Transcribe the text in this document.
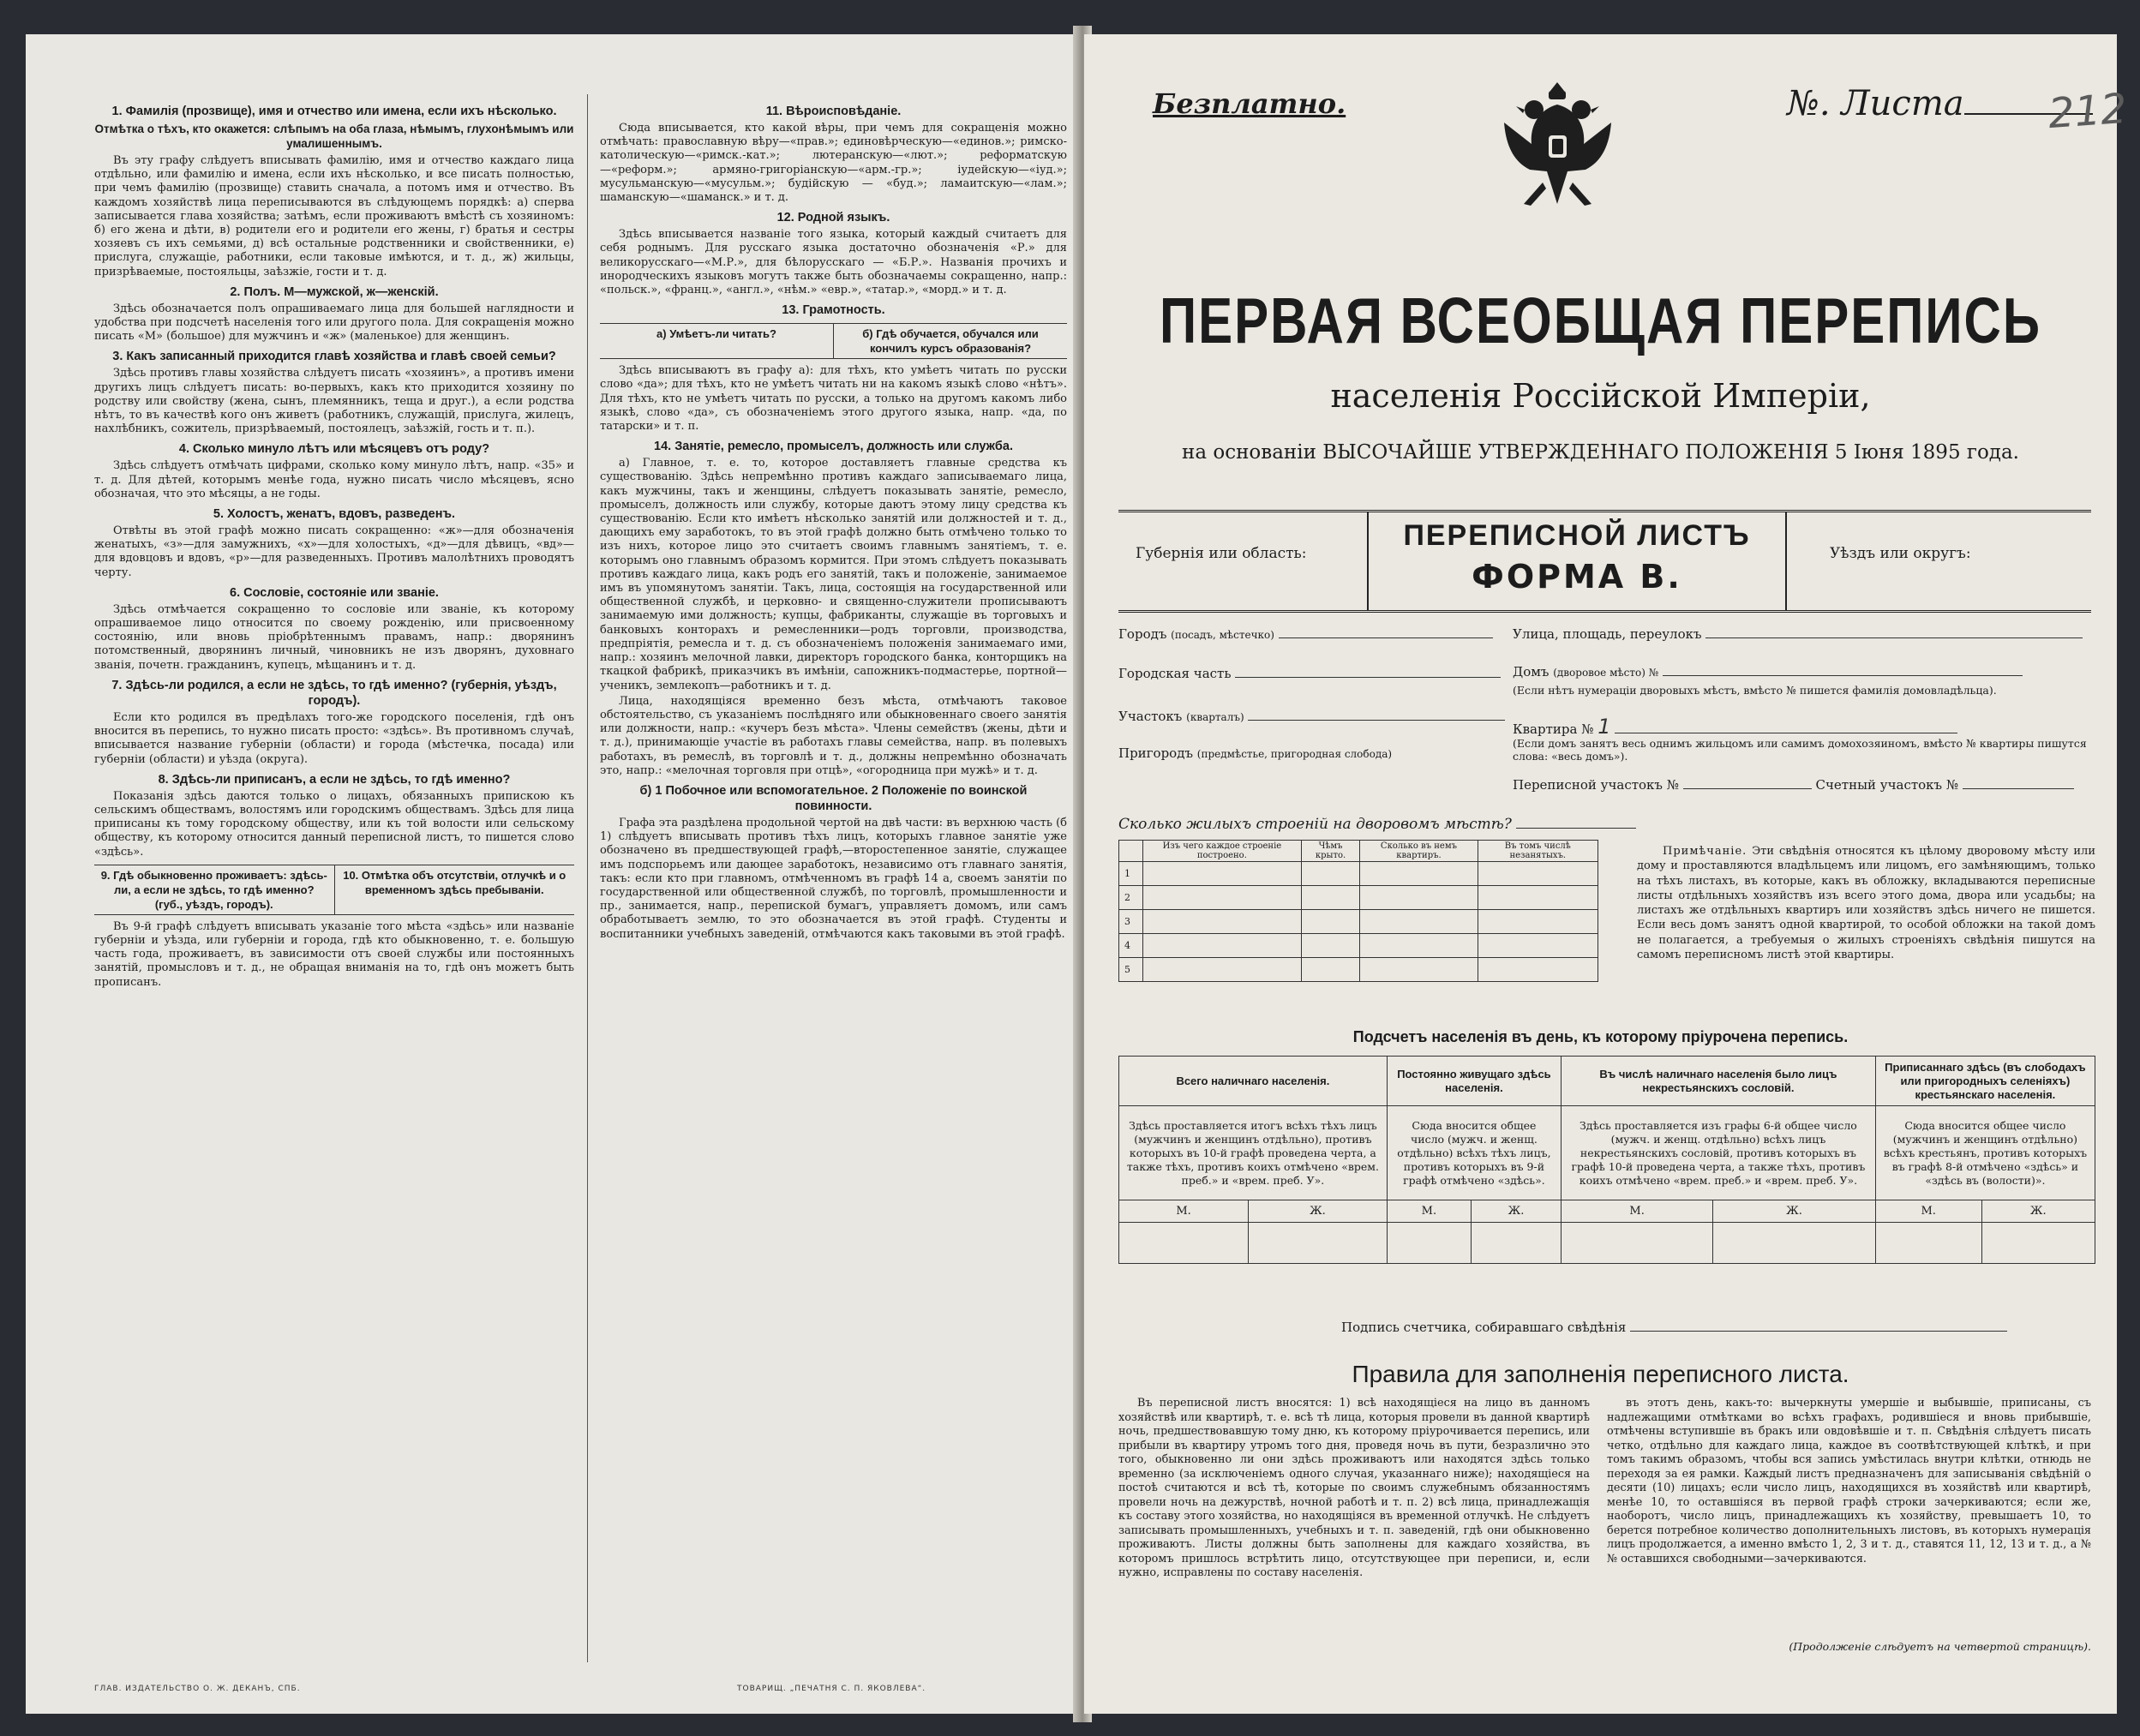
1. Фамилія (прозвище), имя и отчество или имена, если ихъ нѣсколько.
Отмѣтка о тѣхъ, кто окажется: слѣпымъ на оба глаза, нѣмымъ, глухонѣмымъ или умалишеннымъ.
Въ эту графу слѣдуетъ вписывать фамилію, имя и отчество каждаго лица отдѣльно, или фамилію и имена, если ихъ нѣсколько, и все писать полностью, при чемъ фамилію (прозвище) ставить сначала, а потомъ имя и отчество. Въ каждомъ хозяйствѣ лица переписываются въ слѣдующемъ порядкѣ: а) сперва записывается глава хозяйства; затѣмъ, если проживаютъ вмѣстѣ съ хозяиномъ: б) его жена и дѣти, в) родители его и родители его жены, г) братья и сестры хозяевъ съ ихъ семьями, д) всѣ остальные родственники и свойственники, е) прислуга, служащіе, работники, если таковые имѣются, и т. д., ж) жильцы, призрѣваемые, постояльцы, заѣзжіе, гости и т. д.
2. Полъ. М—мужской, ж—женскій.
Здѣсь обозначается полъ опрашиваемаго лица для большей наглядности и удобства при подсчетѣ населенія того или другого пола. Для сокращенія можно писать «М» (большое) для мужчинъ и «ж» (маленькое) для женщинъ.
3. Какъ записанный приходится главѣ хозяйства и главѣ своей семьи?
Здѣсь противъ главы хозяйства слѣдуетъ писать «хозяинъ», а противъ имени другихъ лицъ слѣдуетъ писать: во-первыхъ, какъ кто приходится хозяину по родству или свойству (жена, сынъ, племянникъ, теща и друг.), а если родства нѣтъ, то въ качествѣ кого онъ живетъ (работникъ, служащій, прислуга, жилецъ, нахлѣбникъ, сожитель, призрѣваемый, постоялецъ, заѣзжій, гость и т. п.).
4. Сколько минуло лѣтъ или мѣсяцевъ отъ роду?
Здѣсь слѣдуетъ отмѣчать цифрами, сколько кому минуло лѣтъ, напр. «35» и т. д. Для дѣтей, которымъ менѣе года, нужно писать число мѣсяцевъ, ясно обозначая, что это мѣсяцы, а не годы.
5. Холостъ, женатъ, вдовъ, разведенъ.
Отвѣты въ этой графѣ можно писать сокращенно: «ж»—для обозначенія женатыхъ, «з»—для замужнихъ, «х»—для холостыхъ, «д»—для дѣвицъ, «вд»—для вдовцовъ и вдовъ, «р»—для разведенныхъ. Противъ малолѣтнихъ проводятъ черту.
6. Сословіе, состояніе или званіе.
Здѣсь отмѣчается сокращенно то сословіе или званіе, къ которому опрашиваемое лицо относится по своему рожденію, или присвоенному состоянію, или вновь пріобрѣтеннымъ правамъ, напр.: дворянинъ потомственный, дворянинъ личный, чиновникъ не изъ дворянъ, духовнаго званія, почетн. гражданинъ, купецъ, мѣщанинъ и т. д.
7. Здѣсь-ли родился, а если не здѣсь, то гдѣ именно? (губернія, уѣздъ, городъ).
Если кто родился въ предѣлахъ того-же городского поселенія, гдѣ онъ вносится въ перепись, то нужно писать просто: «здѣсь». Въ противномъ случаѣ, вписывается название губерніи (области) и города (мѣстечка, посада) или губерніи (области) и уѣзда (округа).
8. Здѣсь-ли приписанъ, а если не здѣсь, то гдѣ именно?
Показанія здѣсь даются только о лицахъ, обязанныхъ припискою къ сельскимъ обществамъ, волостямъ или городскимъ обществамъ. Здѣсь для лица приписаны къ тому городскому обществу, или къ той волости или сельскому обществу, къ которому относится данный переписной листъ, то пишется слово «здѣсь».
9. Гдѣ обыкновенно проживаетъ: здѣсь-ли, а если не здѣсь, то гдѣ именно? (губ., уѣздъ, городъ).
10. Отмѣтка объ отсутствіи, отлучкѣ и о временномъ здѣсь пребываніи.
Въ 9-й графѣ слѣдуетъ вписывать указаніе того мѣста «здѣсь» или названіе губерніи и уѣзда, или губерніи и города, гдѣ кто обыкновенно, т. е. большую часть года, проживаетъ, въ зависимости отъ своей службы или постоянныхъ занятій, промысловъ и т. д., не обращая вниманія на то, гдѣ онъ можетъ быть прописанъ.
11. Вѣроисповѣданіе.
Сюда вписывается, кто какой вѣры, при чемъ для сокращенія можно отмѣчать: православную вѣру—«прав.»; единовѣрческую—«единов.»; римско-католическую—«римск.-кат.»; лютеранскую—«лют.»; реформатскую—«реформ.»; армяно-григоріанскую—«арм.-гр.»; іудейскую—«іуд.»; мусульманскую—«мусульм.»; будійскую — «буд.»; ламаитскую—«лам.»; шаманскую—«шаманск.» и т. д.
12. Родной языкъ.
Здѣсь вписывается названіе того языка, который каждый считаетъ для себя роднымъ. Для русскаго языка достаточно обозначенія «Р.» для великорусскаго—«М.Р.», для бѣлорусскаго — «Б.Р.». Названія прочихъ и инородческихъ языковъ могутъ также быть обозначаемы сокращенно, напр.: «польск.», «франц.», «англ.», «нѣм.» «евр.», «татар.», «морд.» и т. д.
13. Грамотность.
а) Умѣетъ-ли читать?	б) Гдѣ обучается, обучался или кончилъ курсъ образованія?
Здѣсь вписываютъ въ графу а): для тѣхъ, кто умѣетъ читать по русски слово «да»; для тѣхъ, кто не умѣетъ читать ни на какомъ языкѣ слово «нѣтъ». Для тѣхъ, кто не умѣетъ читать по русски, а только на другомъ какомъ либо языкѣ, слово «да», съ обозначеніемъ этого другого языка, напр. «да, по татарски» и т. п.
14. Занятіе, ремесло, промыселъ, должность или служба.
а) Главное, т. е. то, которое доставляетъ главные средства къ существованію. Здѣсь непремѣнно противъ каждаго записываемаго лица, какъ мужчины, такъ и женщины, слѣдуетъ показывать занятіе, ремесло, промыселъ, должность или службу, которые даютъ этому лицу средства къ существованію. Если кто имѣетъ нѣсколько занятій или должностей и т. д., дающихъ ему заработокъ, то въ этой графѣ должно быть отмѣчено только то изъ нихъ, которое лицо это считаетъ своимъ главнымъ занятіемъ, т. е. которымъ оно главнымъ образомъ кормится. При этомъ слѣдуетъ показывать противъ каждаго лица, какъ родъ его занятій, такъ и положеніе, занимаемое имъ въ упомянутомъ занятіи. Такъ, лица, состоящія на государственной или общественной службѣ, и церковно- и священно-служители прописываютъ занимаемую ими должность; купцы, фабриканты, служащіе въ торговыхъ и банковыхъ конторахъ и ремесленники—родъ торговли, производства, предпріятія, ремесла и т. д. съ обозначеніемъ положенія занимаемаго ими, напр.: хозяинъ мелочной лавки, директоръ городского банка, конторщикъ на ткацкой фабрикѣ, приказчикъ въ имѣніи, сапожникъ-подмастерье, портной—ученикъ, землекопъ—работникъ и т. д.
Лица, находящіяся временно безъ мѣста, отмѣчаютъ таковое обстоятельство, съ указаніемъ послѣдняго или обыкновеннаго своего занятія или должности, напр.: «кучеръ безъ мѣста». Члены семействъ (жены, дѣти и т. д.), принимающіе участіе въ работахъ главы семейства, напр. въ полевыхъ работахъ, въ ремеслѣ, въ торговлѣ и т. д., должны непремѣнно обозначать это, напр.: «мелочная торговля при отцѣ», «огородница при мужѣ» и т. д.
б) 1 Побочное или вспомогательное. 2 Положеніе по воинской повинности.
Графа эта раздѣлена продольной чертой на двѣ части: въ верхнюю часть (б 1) слѣдуетъ вписывать противъ тѣхъ лицъ, которыхъ главное занятіе уже обозначено въ предшествующей графѣ,—второстепенное занятіе, служащее имъ подспорьемъ или дающее заработокъ, независимо отъ главнаго занятія, такъ: если кто при главномъ, отмѣченномъ въ графѣ 14 а, своемъ занятіи по государственной или общественной службѣ, по торговлѣ, промышленности и пр., занимается, напр., перепиской бумагъ, управляетъ домомъ, или самъ обработываетъ землю, то это обозначается въ этой графѣ. Студенты и воспитанники учебныхъ заведеній, отмѣчаются какъ таковыми въ этой графѣ.
ГЛАВ. ИЗДАТЕЛЬСТВО О. Ж. ДЕКАНЪ, СПБ.	ТОВАРИЩ. „ПЕЧАТНЯ С. П. ЯКОВЛЕВА“.
Безплатно.	№. Листа	212
ПЕРВАЯ ВСЕОБЩАЯ ПЕРЕПИСЬ
населенія Россійской Имперіи,
на основаніи ВЫСОЧАЙШЕ УТВЕРЖДЕННАГО ПОЛОЖЕНІЯ 5 Іюня 1895 года.
Губернія или область:
ПЕРЕПИСНОЙ ЛИСТЪ
ФОРМА В.
Уѣздъ или округъ:
Городъ (посадъ, мѣстечко)
Городская часть
Участокъ (кварталъ)
Пригородъ (предмѣстье, пригородная слобода)
Улица, площадь, переулокъ
Домъ (дворовое мѣсто) №
(Если нѣтъ нумераціи дворовыхъ мѣстъ, вмѣсто № пишется фамилія домовладѣльца).
Квартира № 1
(Если домъ занятъ весь однимъ жильцомъ или самимъ домохозяиномъ, вмѣсто № квартиры пишутся слова: «весь домъ»).
Переписной участокъ №	Счетный участокъ №
Сколько жилыхъ строеній на дворовомъ мѣстѣ?
	Изъ чего каждое строеніе построено.	Чѣмъ крыто.	Сколько въ немъ квартиръ.	Въ томъ числѣ незанятыхъ.
1				
2				
3				
4				
5				
Примѣчаніе. Эти свѣдѣнія относятся къ цѣлому дворовому мѣсту или дому и проставляются владѣльцемъ или лицомъ, его замѣняющимъ, только на тѣхъ листахъ, въ которые, какъ въ обложку, вкладываются переписные листы отдѣльныхъ хозяйствъ изъ всего этого дома, двора или усадьбы; на листахъ же отдѣльныхъ квартиръ или хозяйствъ здѣсь ничего не пишется. Если весь домъ занятъ одной квартирой, то особой обложки на такой домъ не полагается, а требуемыя о жилыхъ строеніяхъ свѣдѣнія пишутся на самомъ переписномъ листѣ этой квартиры.
Подсчетъ населенія въ день, къ которому пріурочена перепись.
Всего наличнаго населенія.		Постоянно живущаго здѣсь населенія.		Въ числѣ наличнаго населенія было лицъ некрестьянскихъ сословій.		Приписаннаго здѣсь (въ слободахъ или пригородныхъ селеніяхъ) крестьянскаго населенія.	
Здѣсь проставляется итогъ всѣхъ тѣхъ лицъ (мужчинъ и женщинъ отдѣльно), противъ которыхъ въ 10-й графѣ проведена черта, а также тѣхъ, противъ коихъ отмѣчено «врем. преб.» и «врем. преб. У».		Сюда вносится общее число (мужч. и женщ. отдѣльно) всѣхъ тѣхъ лицъ, противъ которыхъ въ 9-й графѣ отмѣчено «здѣсь».		Здѣсь проставляется изъ графы 6-й общее число (мужч. и женщ. отдѣльно) всѣхъ лицъ некрестьянскихъ сословій, противъ которыхъ въ графѣ 10-й проведена черта, а также тѣхъ, противъ коихъ отмѣчено «врем. преб.» и «врем. преб. У».		Сюда вносится общее число (мужчинъ и женщинъ отдѣльно) всѣхъ крестьянъ, противъ которыхъ въ графѣ 8-й отмѣчено «здѣсь» и «здѣсь въ (волости)».	
М.	Ж.	М.	Ж.	М.	Ж.	М.	Ж.

Подпись счетчика, собиравшаго свѣдѣнія
Правила для заполненія переписного листа.
Въ переписной листъ вносятся: 1) всѣ находящіеся на лицо въ данномъ хозяйствѣ или квартирѣ, т. е. всѣ тѣ лица, которыя провели въ данной квартирѣ ночь, предшествовавшую тому дню, къ которому пріурочивается перепись, или прибыли въ квартиру утромъ того дня, проведя ночь въ пути, безразлично это того, обыкновенно ли они здѣсь проживаютъ или находятся здѣсь только временно (за исключеніемъ одного случая, указаннаго ниже); находящіеся на постоѣ считаются и всѣ тѣ, которые по своимъ служебнымъ обязанностямъ провели ночь на дежурствѣ, ночной работѣ и т. п. 2) всѣ лица, принадлежащія къ составу этого хозяйства, но находящіяся въ временной отлучкѣ. Не слѣдуетъ записывать промышленныхъ, учебныхъ и т. п. заведеній, гдѣ они обыкновенно проживаютъ. Листы должны быть заполнены для каждаго хозяйства, въ которомъ пришлось встрѣтить лицо, отсутствующее при переписи, и, если нужно, исправлены по составу населенія.
въ этотъ день, какъ-то: вычеркнуты умершіе и выбывшіе, приписаны, съ надлежащими отмѣтками во всѣхъ графахъ, родившіеся и вновь прибывшіе, отмѣчены вступившіе въ бракъ или овдовѣвшіе и т. п. Свѣдѣнія слѣдуетъ писать четко, отдѣльно для каждаго лица, каждое въ соотвѣтствующей клѣткѣ, и при томъ такимъ образомъ, чтобы вся запись умѣстилась внутри клѣтки, отнюдь не переходя за ея рамки. Каждый листъ предназначенъ для записыванія свѣдѣній о десяти (10) лицахъ; если число лицъ, находящихся въ хозяйствѣ или квартирѣ, менѣе 10, то оставшіяся въ первой графѣ строки зачеркиваются; если же, наоборотъ, число лицъ, принадлежащихъ къ хозяйству, превышаетъ 10, то берется потребное количество дополнительныхъ листовъ, въ которыхъ нумерація лицъ продолжается, а именно вмѣсто 1, 2, 3 и т. д., ставятся 11, 12, 13 и т. д., а №№ оставшихся свободными—зачеркиваются.
(Продолженіе слѣдуетъ на четвертой страницѣ).
